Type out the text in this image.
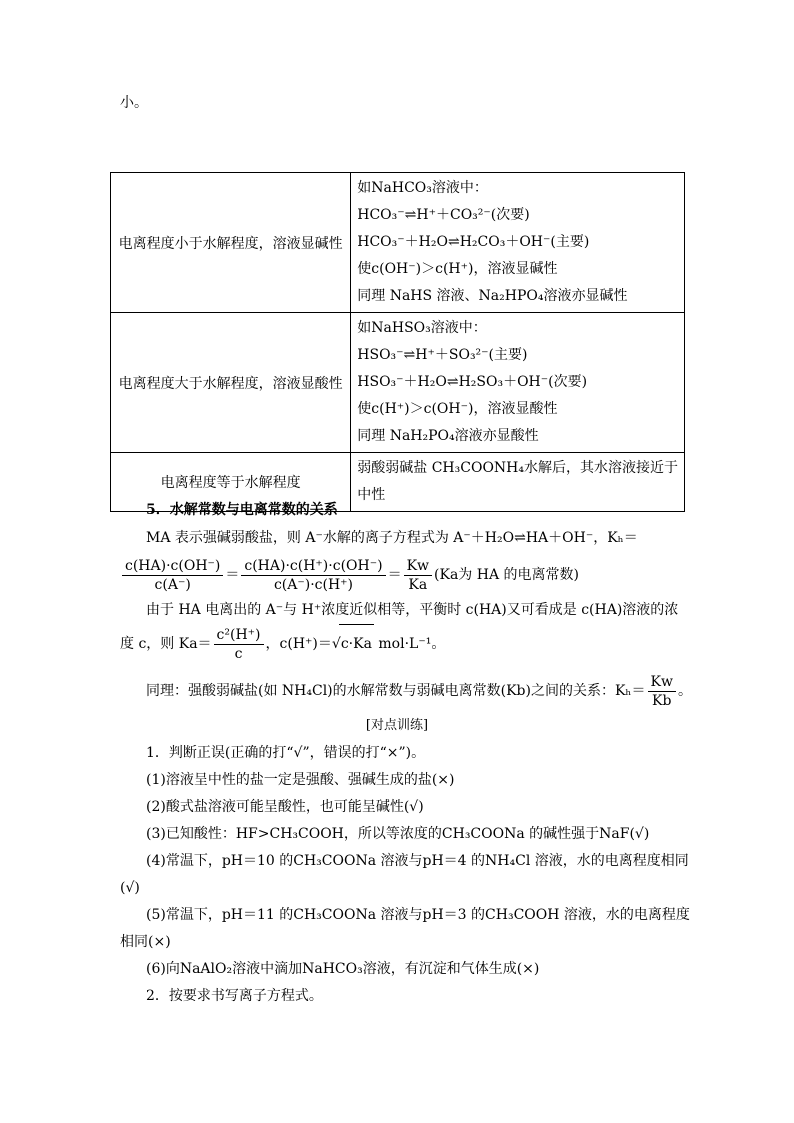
小。
电离程度小于水解程度，溶液显碱性	如NaHCO₃溶液中：
HCO₃⁻⇌H⁺＋CO₃²⁻(次要)
HCO₃⁻＋H₂O⇌H₂CO₃＋OH⁻(主要)
使c(OH⁻)＞c(H⁺)，溶液显碱性
同理 NaHS 溶液、Na₂HPO₄溶液亦显碱性

电离程度大于水解程度，溶液显酸性	如NaHSO₃溶液中：
HSO₃⁻⇌H⁺＋SO₃²⁻(主要)
HSO₃⁻＋H₂O⇌H₂SO₃＋OH⁻(次要)
使c(H⁺)＞c(OH⁻)，溶液显酸性
同理 NaH₂PO₄溶液亦显酸性

电离程度等于水解程度	弱酸弱碱盐 CH₃COONH₄水解后，其水溶液接近于
中性
5．水解常数与电离常数的关系
MA 表示强碱弱酸盐，则 A⁻水解的离子方程式为 A⁻＋H₂O⇌HA＋OH⁻，Kₕ＝
$\frac{c(HA)\cdot c(OH^-)}{c(A^-)} = \frac{c(HA)\cdot c(H^+)\cdot c(OH^-)}{c(A^-)\cdot c(H^+)} = \frac{Kw}{Ka} (Ka$为 HA 的电离常数)
由于 HA 电离出的 A⁻与 H⁺浓度近似相等，平衡时 c(HA)又可看成是 c(HA)溶液的浓
度 c，则 $Ka= \frac{\text{c²(H⁺)}}{c}$ ，c(H⁺)＝√c·Ka mol·L⁻¹。
同理：强酸弱碱盐(如 NH₄Cl)的水解常数与弱碱电离常数(Kb)之间的关系：$K_h= \frac{Kw}{Kb}$ 。
[对点训练]
1．判断正误(正确的打“√”，错误的打“×”)。
(1)溶液呈中性的盐一定是强酸、强碱生成的盐(×)
(2)酸式盐溶液可能呈酸性，也可能呈碱性(√)
(3)已知酸性：HF>CH₃COOH，所以等浓度的CH₃COONa 的碱性强于NaF(√)
(4)常温下，pH＝10 的CH₃COONa 溶液与pH＝4 的NH₄Cl 溶液，水的电离程度相同
(√)
(5)常温下，pH＝11 的CH₃COONa 溶液与pH＝3 的CH₃COOH 溶液，水的电离程度
相同(×)
(6)向NaAlO₂溶液中滴加NaHCO₃溶液，有沉淀和气体生成(×)
2．按要求书写离子方程式。
